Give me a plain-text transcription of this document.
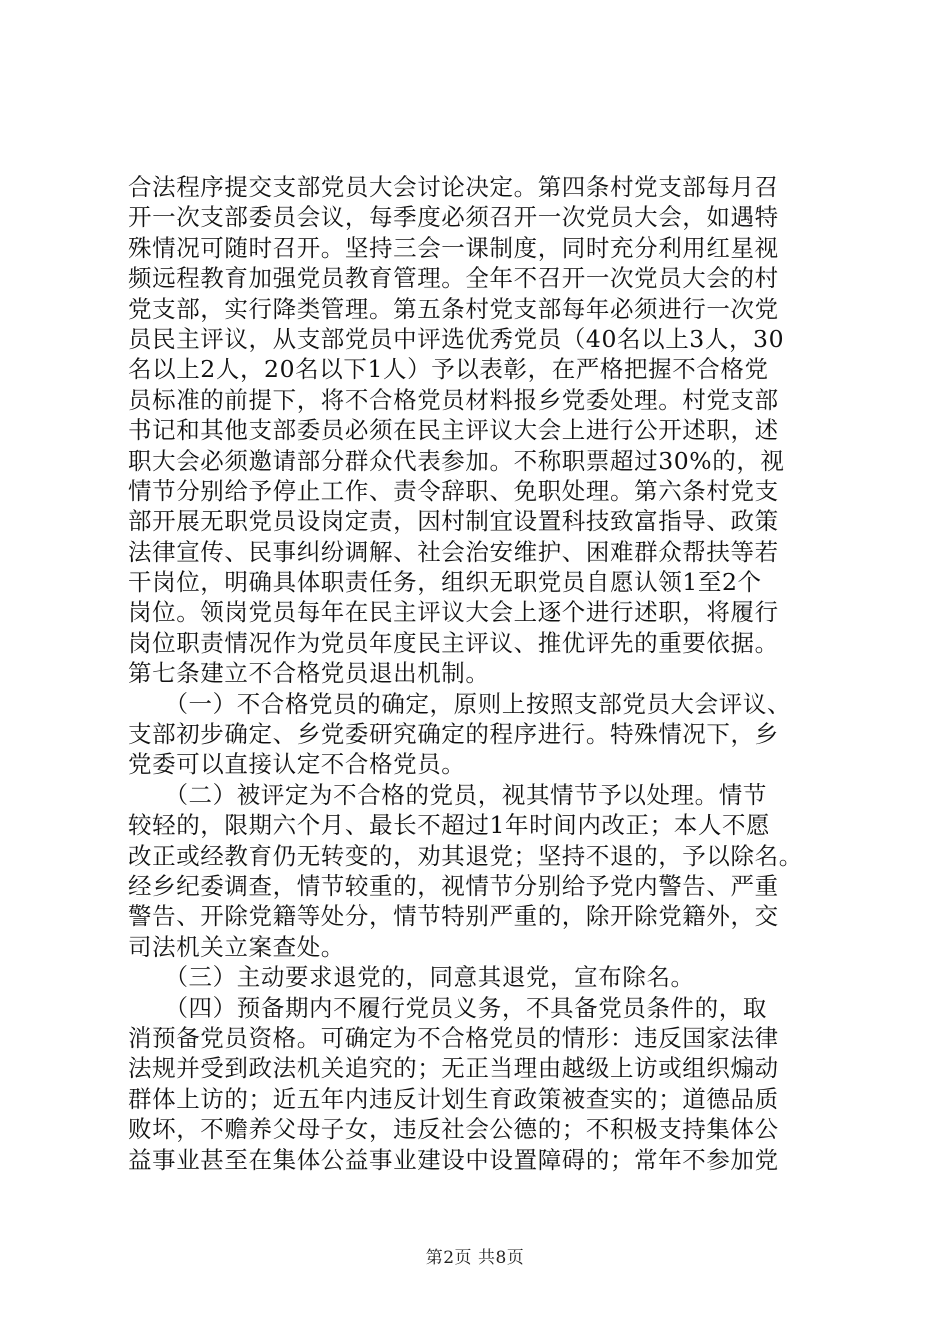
合法程序提交支部党员大会讨论决定。第四条村党支部每月召
开一次支部委员会议，每季度必须召开一次党员大会，如遇特
殊情况可随时召开。坚持三会一课制度，同时充分利用红星视
频远程教育加强党员教育管理。全年不召开一次党员大会的村
党支部，实行降类管理。第五条村党支部每年必须进行一次党
员民主评议，从支部党员中评选优秀党员（40名以上3人，30
名以上2人，20名以下1人）予以表彰，在严格把握不合格党
员标准的前提下，将不合格党员材料报乡党委处理。村党支部
书记和其他支部委员必须在民主评议大会上进行公开述职，述
职大会必须邀请部分群众代表参加。不称职票超过30%的，视
情节分别给予停止工作、责令辞职、免职处理。第六条村党支
部开展无职党员设岗定责，因村制宜设置科技致富指导、政策
法律宣传、民事纠纷调解、社会治安维护、困难群众帮扶等若
干岗位，明确具体职责任务，组织无职党员自愿认领1至2个
岗位。领岗党员每年在民主评议大会上逐个进行述职，将履行
岗位职责情况作为党员年度民主评议、推优评先的重要依据。
第七条建立不合格党员退出机制。
　　（一）不合格党员的确定，原则上按照支部党员大会评议、
支部初步确定、乡党委研究确定的程序进行。特殊情况下，乡
党委可以直接认定不合格党员。
　　（二）被评定为不合格的党员，视其情节予以处理。情节
较轻的，限期六个月、最长不超过1年时间内改正；本人不愿
改正或经教育仍无转变的，劝其退党；坚持不退的，予以除名。
经乡纪委调查，情节较重的，视情节分别给予党内警告、严重
警告、开除党籍等处分，情节特别严重的，除开除党籍外，交
司法机关立案查处。
　　（三）主动要求退党的，同意其退党，宣布除名。
　　（四）预备期内不履行党员义务，不具备党员条件的，取
消预备党员资格。可确定为不合格党员的情形：违反国家法律
法规并受到政法机关追究的；无正当理由越级上访或组织煽动
群体上访的；近五年内违反计划生育政策被查实的；道德品质
败坏，不赡养父母子女，违反社会公德的；不积极支持集体公
益事业甚至在集体公益事业建设中设置障碍的；常年不参加党
第2页 共8页
